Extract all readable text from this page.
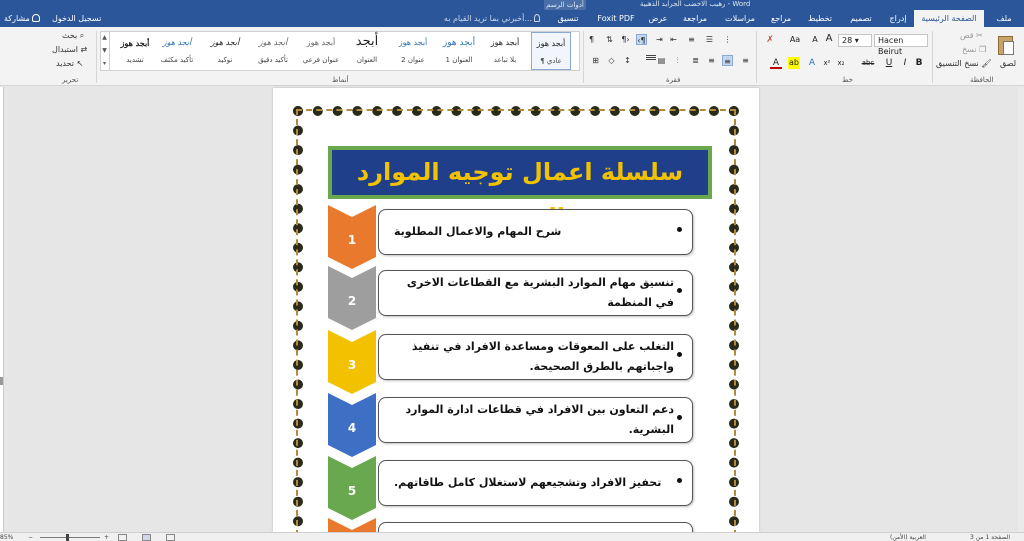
أدوات الرسم	رهيب الاخضب الجرايد الذهبية - Word
مشاركة	تسجيل الدخول	أخبرني بما تريد القيام به...	تنسيق	Foxit PDF	عرض	مراجعة	مراسلات	مراجع	تخطيط	تصميم	إدراج	الصفحة الرئيسية	ملف
بحث ⌕
استبدال ⇄
تحديد ↖
تحرير
أبجد هوز
تشديد
أبجد هوز
تأكيد مكثف
أبجد هوز
توكيد
أبجد هوز
تأكيد دقيق
أبجد هوز
عنوان فرعي
أبجد
العنوان
أبجد هوز
عنوان 2
أبجد هوز
العنوان 1
أبجد هوز
بلا تباعد
أبجد هوز
¶ عادي
▲
▼
▾
أنماط
¶	⇅ ¶› ‹¶ ⇥ ⇤ ≡ ☰ ⋮
⊞	◇	↕	▤	⫶	≣ ≡ ≡ ≡
فقرة
✗ Aa A A	28 ▾	Hacen Beirut
A	ab	A	x² x₂ abc U	I	B
خط
قص ✂
نسخ ❐
نسخ التنسيق 🖌 لصق
الحافظة
سلسلة اعمال توجيه الموارد
1
شرح المهام والاعمال المطلوبة
2
تنسيق مهام الموارد البشرية مع القطاعات الاخرى في المنظمة
3
التغلب على المعوقات ومساعدة الافراد في تنفيذ واجباتهم بالطرق الصحيحة.
4
دعم التعاون بين الافراد في قطاعات ادارة الموارد البشرية.
5
تحفيز الافراد وتشجيعهم لاستغلال كامل طاقاتهم.
85% −	+	العربية (الأمن)	الصفحة 1 من 3
